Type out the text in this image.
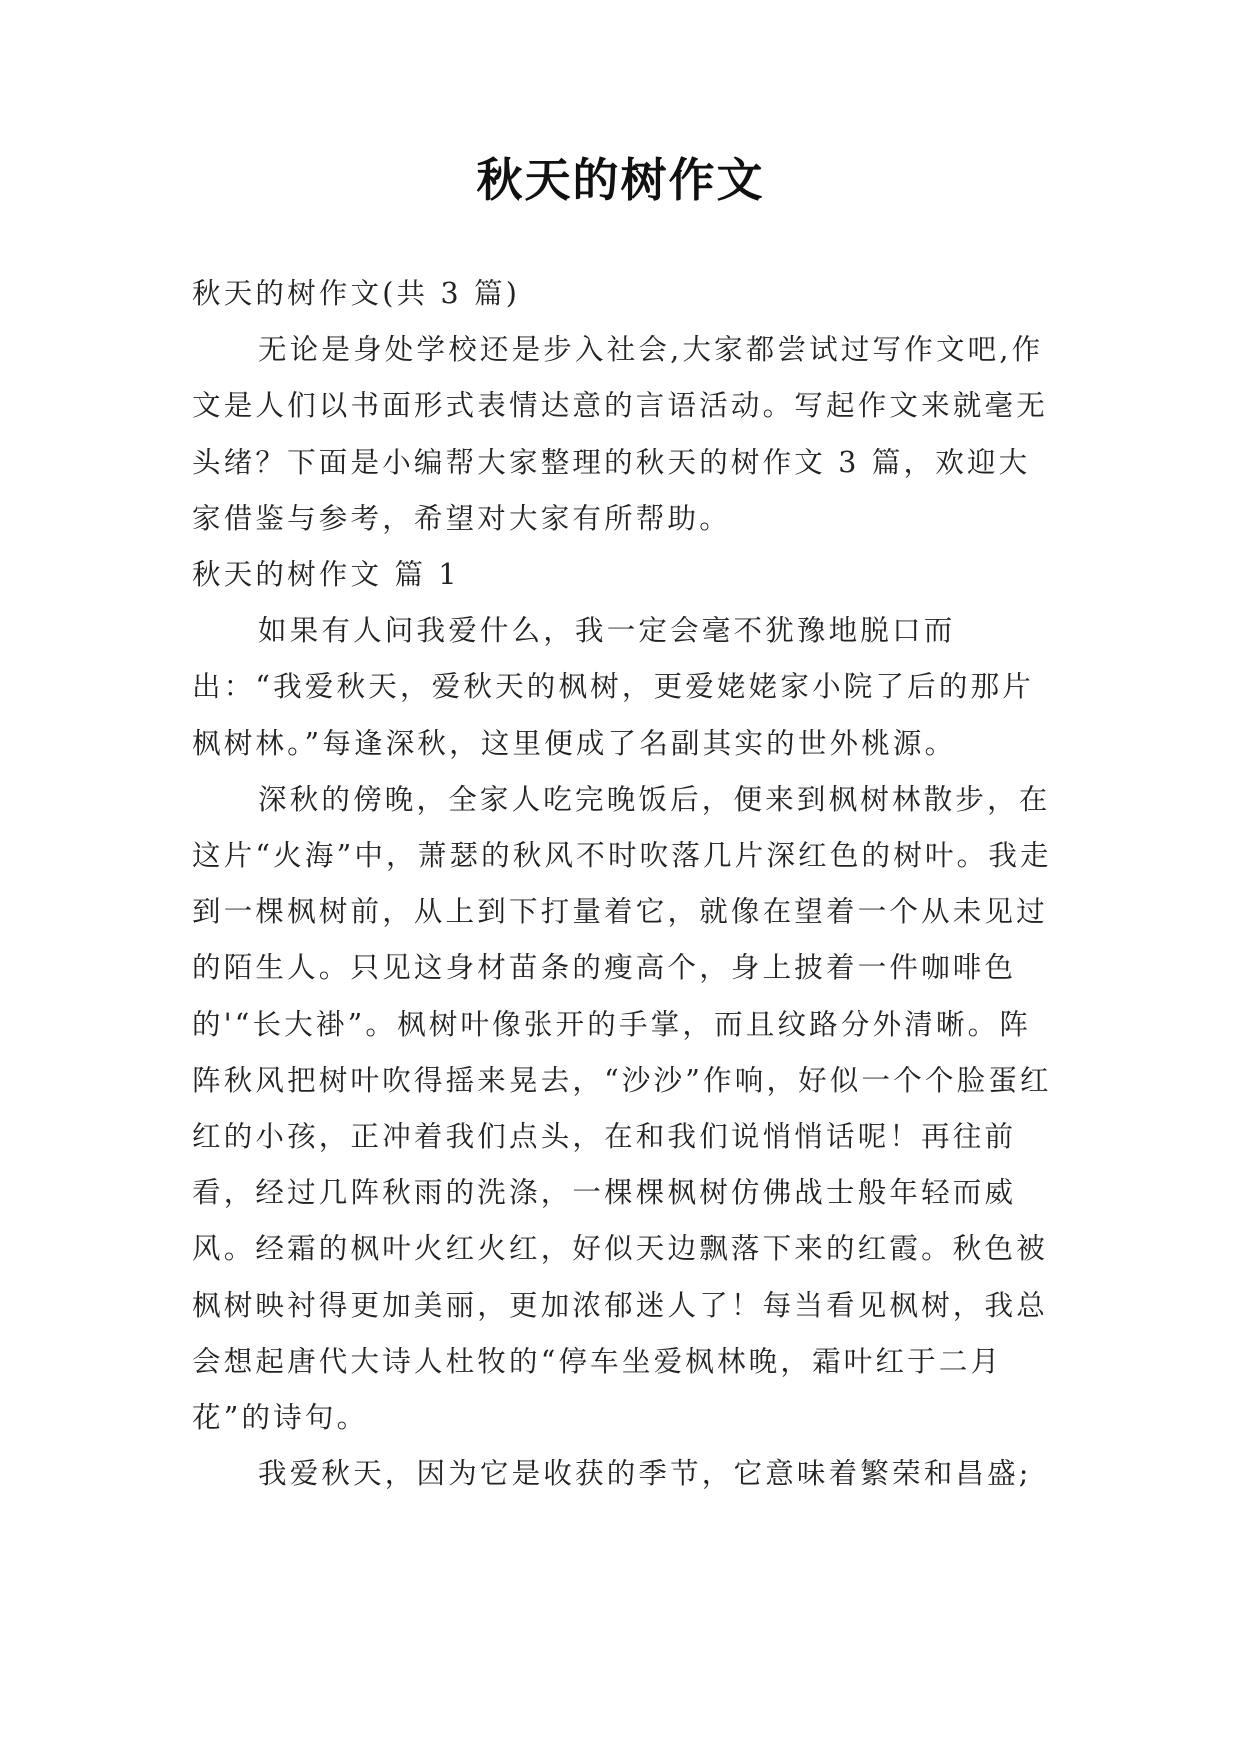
秋天的树作文

秋天的树作文(共 3 篇)

无论是身处学校还是步入社会,大家都尝试过写作文吧,作文是人们以书面形式表情达意的言语活动。写起作文来就毫无头绪？下面是小编帮大家整理的秋天的树作文 3 篇，欢迎大家借鉴与参考，希望对大家有所帮助。

秋天的树作文 篇 1

如果有人问我爱什么，我一定会毫不犹豫地脱口而出：“我爱秋天，爱秋天的枫树，更爱姥姥家小院了后的那片枫树林。”每逢深秋，这里便成了名副其实的世外桃源。

深秋的傍晚，全家人吃完晚饭后，便来到枫树林散步，在这片“火海”中，萧瑟的秋风不时吹落几片深红色的树叶。我走到一棵枫树前，从上到下打量着它，就像在望着一个从未见过的陌生人。只见这身材苗条的瘦高个，身上披着一件咖啡色的'“长大褂”。枫树叶像张开的手掌，而且纹路分外清晰。阵阵秋风把树叶吹得摇来晃去，“沙沙”作响，好似一个个脸蛋红红的小孩，正冲着我们点头，在和我们说悄悄话呢！再往前看，经过几阵秋雨的洗涤，一棵棵枫树仿佛战士般年轻而威风。经霜的枫叶火红火红，好似天边飘落下来的红霞。秋色被枫树映衬得更加美丽，更加浓郁迷人了！每当看见枫树，我总会想起唐代大诗人杜牧的“停车坐爱枫林晚，霜叶红于二月花”的诗句。

我爱秋天，因为它是收获的季节，它意味着繁荣和昌盛;
